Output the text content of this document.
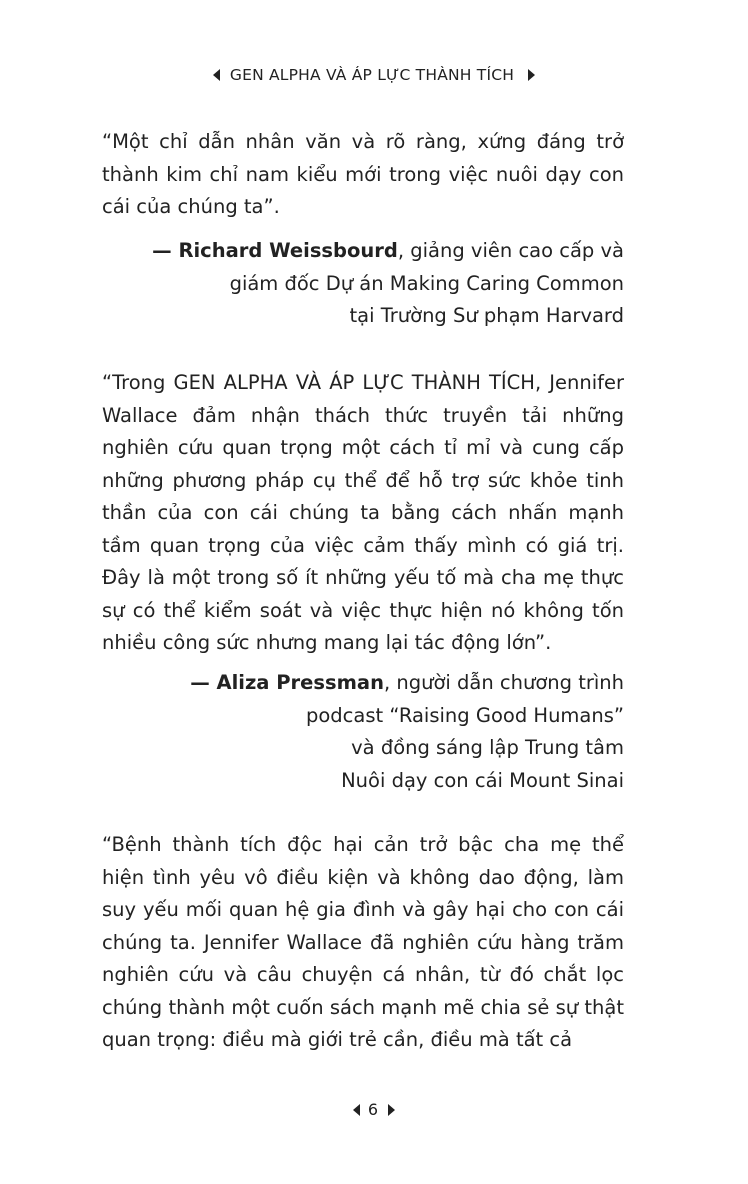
GEN ALPHA VÀ ÁP LỰC THÀNH TÍCH

“Một chỉ dẫn nhân văn và rõ ràng, xứng đáng trở thành kim chỉ nam kiểu mới trong việc nuôi dạy con cái của chúng ta”.

— Richard Weissbourd, giảng viên cao cấp và
giám đốc Dự án Making Caring Common
tại Trường Sư phạm Harvard

“Trong GEN ALPHA VÀ ÁP LỰC THÀNH TÍCH, Jennifer Wallace đảm nhận thách thức truyền tải những nghiên cứu quan trọng một cách tỉ mỉ và cung cấp những phương pháp cụ thể để hỗ trợ sức khỏe tinh thần của con cái chúng ta bằng cách nhấn mạnh tầm quan trọng của việc cảm thấy mình có giá trị. Đây là một trong số ít những yếu tố mà cha mẹ thực sự có thể kiểm soát và việc thực hiện nó không tốn nhiều công sức nhưng mang lại tác động lớn”.

— Aliza Pressman, người dẫn chương trình
podcast “Raising Good Humans”
và đồng sáng lập Trung tâm
Nuôi dạy con cái Mount Sinai

“Bệnh thành tích độc hại cản trở bậc cha mẹ thể hiện tình yêu vô điều kiện và không dao động, làm suy yếu mối quan hệ gia đình và gây hại cho con cái chúng ta. Jennifer Wallace đã nghiên cứu hàng trăm nghiên cứu và câu chuyện cá nhân, từ đó chắt lọc chúng thành một cuốn sách mạnh mẽ chia sẻ sự thật quan trọng: điều mà giới trẻ cần, điều mà tất cả

6
